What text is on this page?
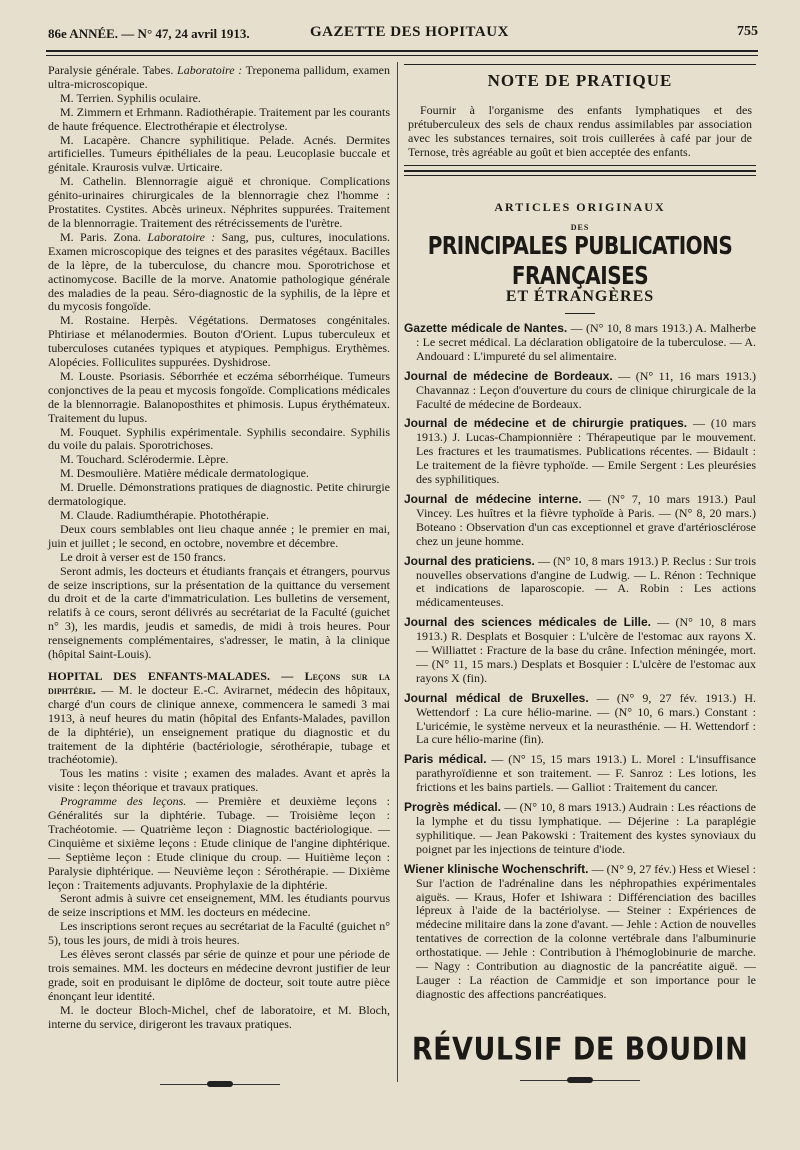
86e ANNÉE. — N° 47, 24 avril 1913.	GAZETTE DES HOPITAUX	755

Paralysie générale. Tabes. Laboratoire : Treponema pallidum, examen ultra-microscopique.

M. Terrien. Syphilis oculaire.

M. Zimmern et Erhmann. Radiothérapie. Traitement par les courants de haute fréquence. Electrothérapie et électrolyse.

M. Lacapère. Chancre syphilitique. Pelade. Acnés. Dermites artificielles. Tumeurs épithéliales de la peau. Leucoplasie buccale et génitale. Kraurosis vulvæ. Urticaire.

M. Cathelin. Blennorragie aiguë et chronique. Complications génito-urinaires chirurgicales de la blennorragie chez l'homme : Prostatites. Cystites. Abcès urineux. Néphrites suppurées. Traitement de la blennorragie. Traitement des rétrécissements de l'urètre.

M. Paris. Zona. Laboratoire : Sang, pus, cultures, inoculations. Examen microscopique des teignes et des parasites végétaux. Bacilles de la lèpre, de la tuberculose, du chancre mou. Sporotrichose et actinomycose. Bacille de la morve. Anatomie pathologique générale des maladies de la peau. Séro-diagnostic de la syphilis, de la lèpre et du mycosis fongoïde.

M. Rostaine. Herpès. Végétations. Dermatoses congénitales. Phtiriase et mélanodermies. Bouton d'Orient. Lupus tuberculeux et tuberculoses cutanées typiques et atypiques. Pemphigus. Erythèmes. Alopécies. Folliculites suppurées. Dyshidrose.

M. Louste. Psoriasis. Séborrhée et eczéma séborrhéique. Tumeurs conjonctives de la peau et mycosis fongoïde. Complications médicales de la blennorragie. Balanoposthites et phimosis. Lupus érythémateux. Traitement du lupus.

M. Fouquet. Syphilis expérimentale. Syphilis secondaire. Syphilis du voile du palais. Sporotrichoses.

M. Touchard. Sclérodermie. Lèpre.

M. Desmoulière. Matière médicale dermatologique.

M. Druelle. Démonstrations pratiques de diagnostic. Petite chirurgie dermatologique.

M. Claude. Radiumthérapie. Photothérapie.

Deux cours semblables ont lieu chaque année ; le premier en mai, juin et juillet ; le second, en octobre, novembre et décembre.

Le droit à verser est de 150 francs.

Seront admis, les docteurs et étudiants français et étrangers, pourvus de seize inscriptions, sur la présentation de la quittance du versement du droit et de la carte d'immatriculation. Les bulletins de versement, relatifs à ce cours, seront délivrés au secrétariat de la Faculté (guichet n° 3), les mardis, jeudis et samedis, de midi à trois heures. Pour renseignements complémentaires, s'adresser, le matin, à la clinique (hôpital Saint-Louis).

HOPITAL DES ENFANTS-MALADES. — Leçons sur la diphtérie. — M. le docteur E.-C. Avirагnet, médecin des hôpitaux, chargé d'un cours de clinique annexe, commencera le samedi 3 mai 1913, à neuf heures du matin (hôpital des Enfants-Malades, pavillon de la diphtérie), un enseignement pratique du diagnostic et du traitement de la diphtérie (bactériologie, sérothérapie, tubage et trachéotomie).

Tous les matins : visite ; examen des malades. Avant et après la visite : leçon théorique et travaux pratiques.

Programme des leçons. — Première et deuxième leçons : Généralités sur la diphtérie. Tubage. — Troisième leçon : Trachéotomie. — Quatrième leçon : Diagnostic bactériologique. — Cinquième et sixième leçons : Etude clinique de l'angine diphtérique. — Septième leçon : Etude clinique du croup. — Huitième leçon : Paralysie diphtérique. — Neuvième leçon : Sérothérapie. — Dixième leçon : Traitements adjuvants. Prophylaxie de la diphtérie.

Seront admis à suivre cet enseignement, MM. les étudiants pourvus de seize inscriptions et MM. les docteurs en médecine.

Les inscriptions seront reçues au secrétariat de la Faculté (guichet n° 5), tous les jours, de midi à trois heures.

Les élèves seront classés par série de quinze et pour une période de trois semaines. MM. les docteurs en médecine devront justifier de leur grade, soit en produisant le diplôme de docteur, soit toute autre pièce énonçant leur identité.

M. le docteur Bloch-Michel, chef de laboratoire, et M. Bloch, interne du service, dirigeront les travaux pratiques.

NOTE DE PRATIQUE

Fournir à l'organisme des enfants lymphatiques et des prétuberculeux des sels de chaux rendus assimilables par association avec les substances ternaires, soit trois cuillerées à café par jour de Ternose, très agréable au goût et bien acceptée des enfants.

ARTICLES ORIGINAUX
DES
PRINCIPALES PUBLICATIONS FRANÇAISES
ET ÉTRANGÈRES

Gazette médicale de Nantes. — (N° 10, 8 mars 1913.) A. Malherbe : Le secret médical. La déclaration obligatoire de la tuberculose. — A. Andouard : L'impureté du sel alimentaire.

Journal de médecine de Bordeaux. — (N° 11, 16 mars 1913.) Chavannaz : Leçon d'ouverture du cours de clinique chirurgicale de la Faculté de médecine de Bordeaux.

Journal de médecine et de chirurgie pratiques. — (10 mars 1913.) J. Lucas-Championnière : Thérapeutique par le mouvement. Les fractures et les traumatismes. Publications récentes. — Bidault : Le traitement de la fièvre typhoïde. — Emile Sergent : Les pleurésies des syphilitiques.

Journal de médecine interne. — (N° 7, 10 mars 1913.) Paul Vincey. Les huîtres et la fièvre typhoïde à Paris. — (N° 8, 20 mars.) Boteano : Observation d'un cas exceptionnel et grave d'artériosclérose chez un jeune homme.

Journal des praticiens. — (N° 10, 8 mars 1913.) P. Reclus : Sur trois nouvelles observations d'angine de Ludwig. — L. Rénon : Technique et indications de laparoscopie. — A. Robin : Les actions médicamenteuses.

Journal des sciences médicales de Lille. — (N° 10, 8 mars 1913.) R. Desplats et Bosquier : L'ulcère de l'estomac aux rayons X. — Williattet : Fracture de la base du crâne. Infection méningée, mort. — (N° 11, 15 mars.) Desplats et Bosquier : L'ulcère de l'estomac aux rayons X (fin).

Journal médical de Bruxelles. — (N° 9, 27 fév. 1913.) H. Wettendorf : La cure hélio-marine. — (N° 10, 6 mars.) Constant : L'uricémie, le système nerveux et la neurasthénie. — H. Wettendorf : La cure hélio-marine (fin).

Paris médical. — (N° 15, 15 mars 1913.) L. Morel : L'insuffisance parathyroïdienne et son traitement. — F. Sanroz : Les lotions, les frictions et les bains partiels. — Galliot : Traitement du cancer.

Progrès médical. — (N° 10, 8 mars 1913.) Audrain : Les réactions de la lymphe et du tissu lymphatique. — Déjerine : La paraplégie syphilitique. — Jean Pakowski : Traitement des kystes synoviaux du poignet par les injections de teinture d'iode.

Wiener klinische Wochenschrift. — (N° 9, 27 fév.) Hess et Wiesel : Sur l'action de l'adrénaline dans les néphropathies expérimentales aiguës. — Kraus, Hofer et Ishiwara : Différenciation des bacilles lépreux à l'aide de la bactériolyse. — Steiner : Expériences de médecine militaire dans la zone d'avant. — Jehle : Action de nouvelles tentatives de correction de la colonne vertébrale dans l'albuminurie orthostatique. — Jehle : Contribution à l'hémoglobinurie de marche. — Nagy : Contribution au diagnostic de la pancréatite aiguë. — Lauger : La réaction de Cammidje et son importance pour le diagnostic des affections pancréatiques.

RÉVULSIF DE BOUDIN
